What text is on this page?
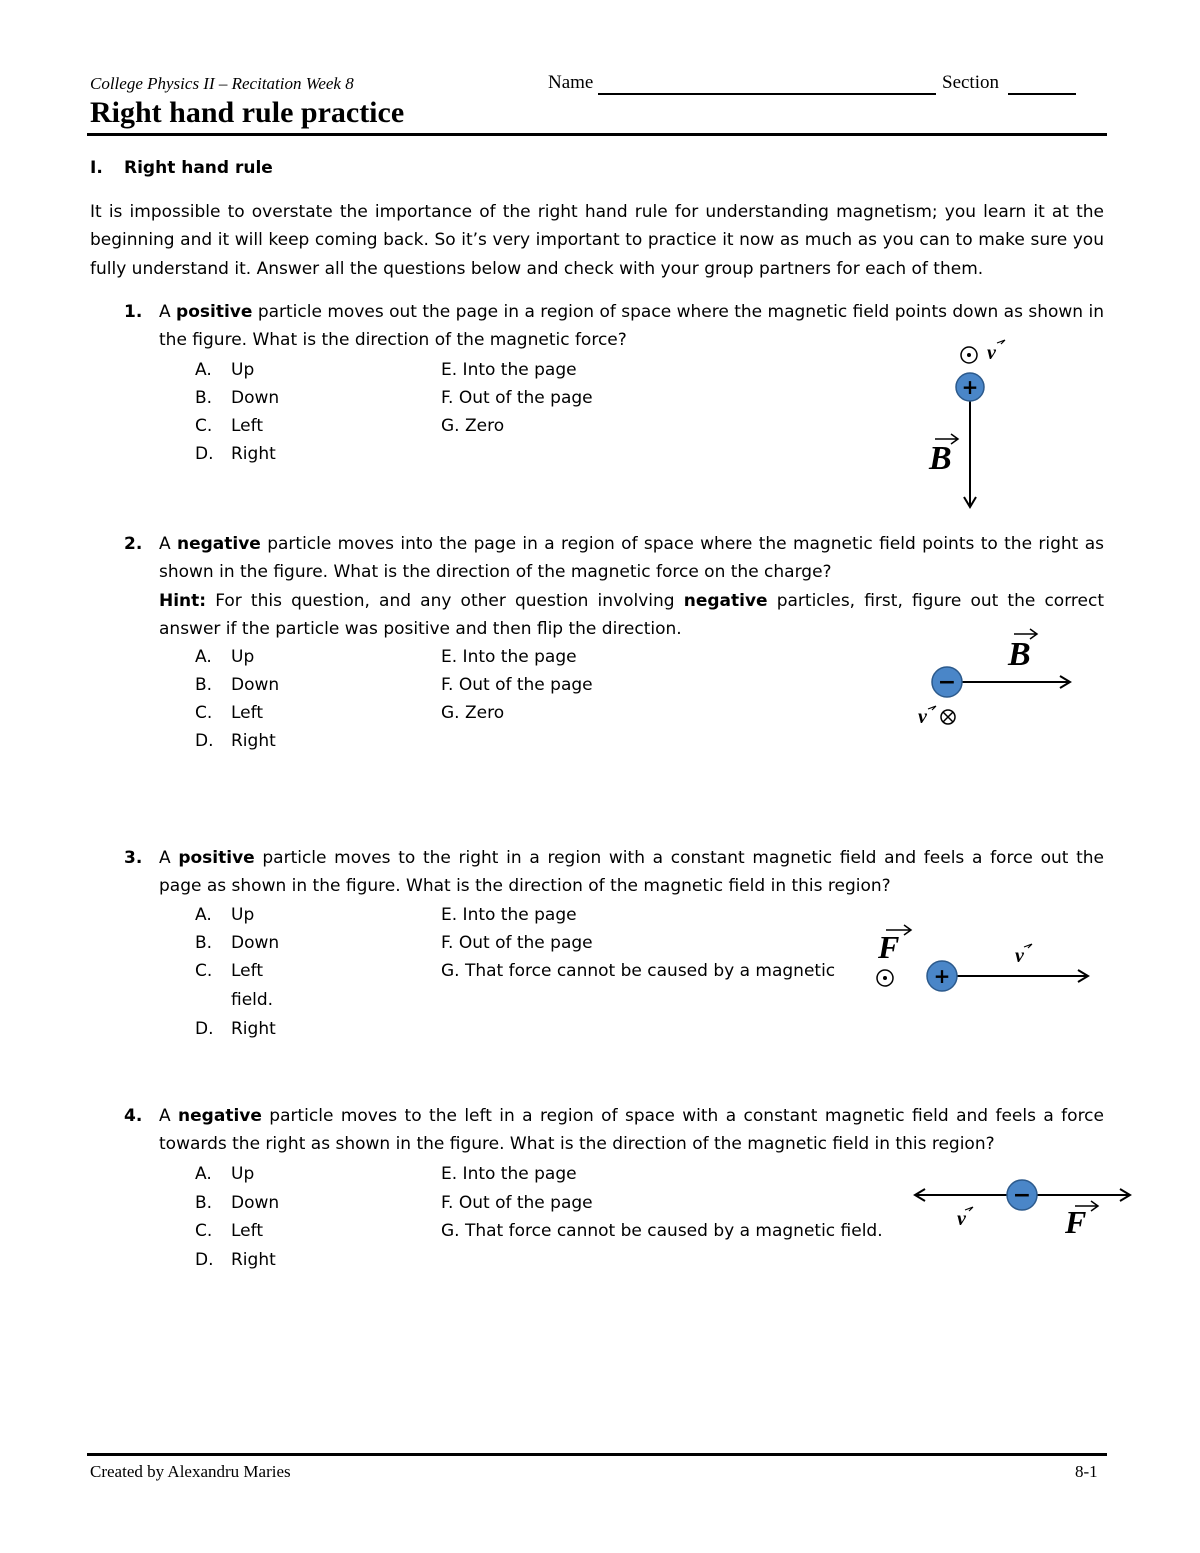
College Physics II – Recitation Week 8	Name	Section
Right hand rule practice
I. Right hand rule
It is impossible to overstate the importance of the right hand rule for understanding magnetism; you learn it at the beginning and it will keep coming back. So it’s very important to practice it now as much as you can to make sure you fully understand it. Answer all the questions below and check with your group partners for each of them.
1. A positive particle moves out the page in a region of space where the magnetic field points down as shown in the figure. What is the direction of the magnetic force?
A. Up
B. Down
C. Left
D. Right
E. Into the page
F. Out of the page
G. Zero
v
+
B
2. A negative particle moves into the page in a region of space where the magnetic field points to the right as shown in the figure. What is the direction of the magnetic force on the charge?
Hint: For this question, and any other question involving negative particles, first, figure out the correct answer if the particle was positive and then flip the direction.
A. Up
B. Down
C. Left
D. Right
E. Into the page
F. Out of the page
G. Zero
B
−
v
3. A positive particle moves to the right in a region with a constant magnetic field and feels a force out the page as shown in the figure. What is the direction of the magnetic field in this region?
A. Up
B. Down
C. Left
field.
D. Right
E. Into the page
F. Out of the page
G. That force cannot be caused by a magnetic
F
+
v
4. A negative particle moves to the left in a region of space with a constant magnetic field and feels a force towards the right as shown in the figure. What is the direction of the magnetic field in this region?
A. Up
B. Down
C. Left
D. Right
E. Into the page
F. Out of the page
G. That force cannot be caused by a magnetic field.
−
v	F
Created by Alexandru Maries	8-1
